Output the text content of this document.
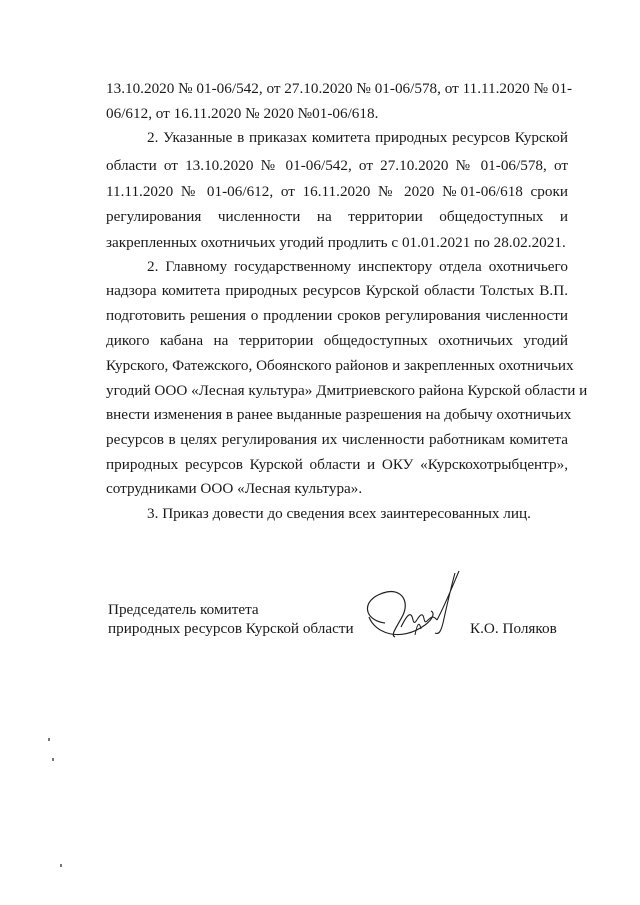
13.10.2020 № 01-06/542, от 27.10.2020 № 01-06/578, от 11.11.2020 № 01-
06/612, от 16.11.2020 № 2020 №01-06/618.
2. Указанные в приказах комитета природных ресурсов Курской
области от 13.10.2020 № 01-06/542, от 27.10.2020 № 01-06/578, от
11.11.2020 № 01-06/612, от 16.11.2020 № 2020 №01-06/618 сроки
регулирования численности на территории общедоступных и
закрепленных охотничьих угодий продлить с 01.01.2021 по 28.02.2021.
2. Главному государственному инспектору отдела охотничьего
надзора комитета природных ресурсов Курской области Толстых В.П.
подготовить решения о продлении сроков регулирования численности
дикого кабана на территории общедоступных охотничьих угодий
Курского, Фатежского, Обоянского районов и закрепленных охотничьих
угодий ООО «Лесная культура» Дмитриевского района Курской области и
внести изменения в ранее выданные разрешения на добычу охотничьих
ресурсов в целях регулирования их численности работникам комитета
природных ресурсов Курской области и ОКУ «Курскохотрыбцентр»,
сотрудниками ООО «Лесная культура».
3. Приказ довести до сведения всех заинтересованных лиц.
Председатель комитета
природных ресурсов Курской области	К.О. Поляков
